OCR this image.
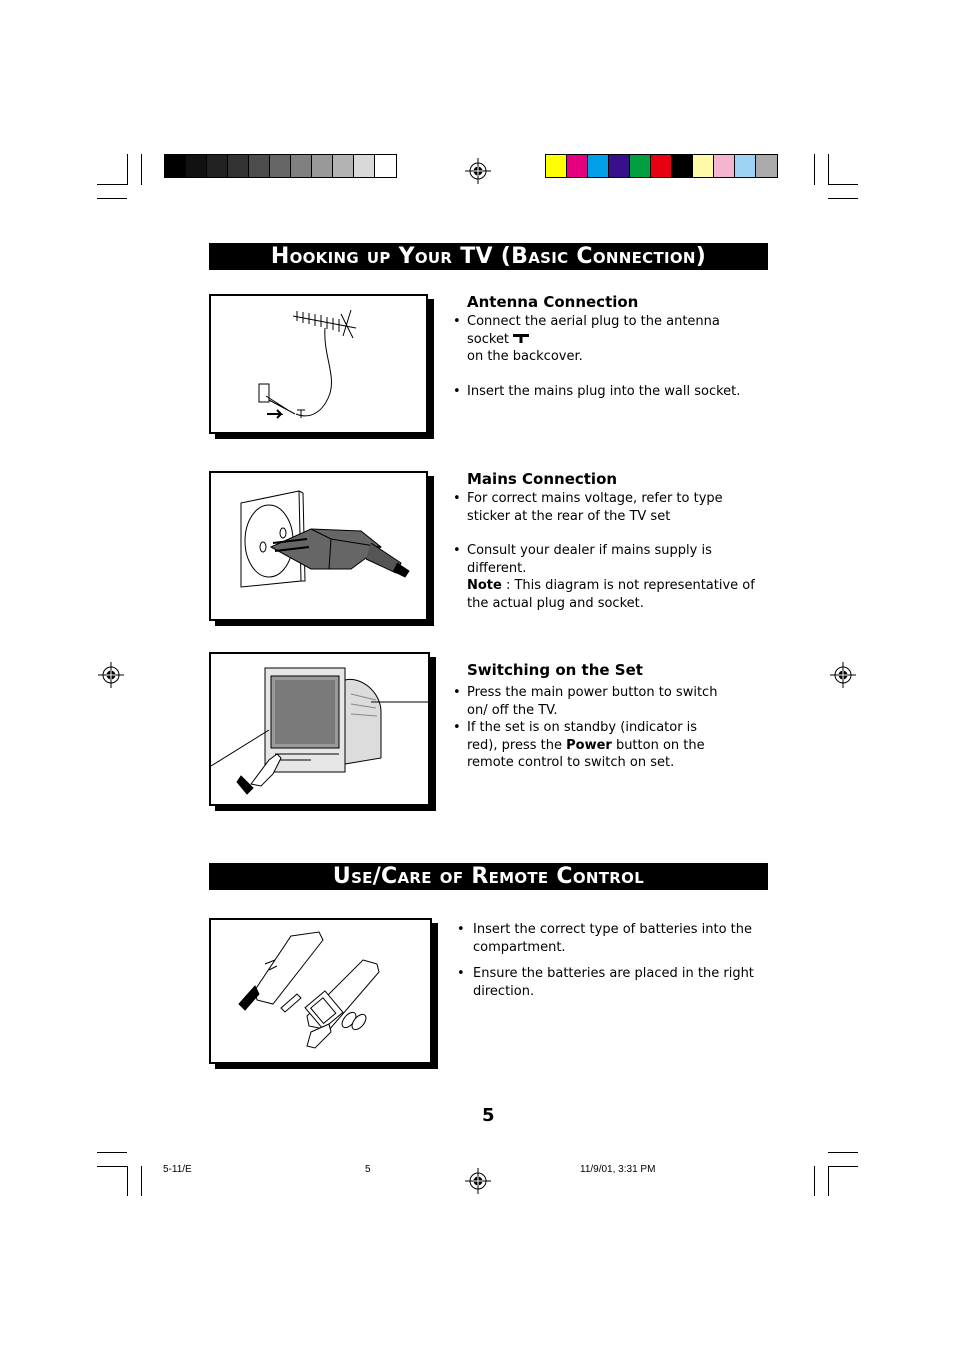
Hooking up Your TV (Basic Connection)
Antenna Connection
• Connect the aerial plug to the antenna socket
on the backcover.
• Insert the mains plug into the wall socket.
Mains Connection
• For correct mains voltage, refer to type sticker at the rear of the TV set
• Consult your dealer if mains supply is different.
Note : This diagram is not representative of the actual plug and socket.
Switching on the Set
• Press the main power button to switch on/ off the TV.
• If the set is on standby (indicator is red), press the Power button on the remote control to switch on set.
Use/Care of Remote Control
• Insert the correct type of batteries into the compartment.
• Ensure the batteries are placed in the right direction.
5
5-11/E	5	11/9/01, 3:31 PM
